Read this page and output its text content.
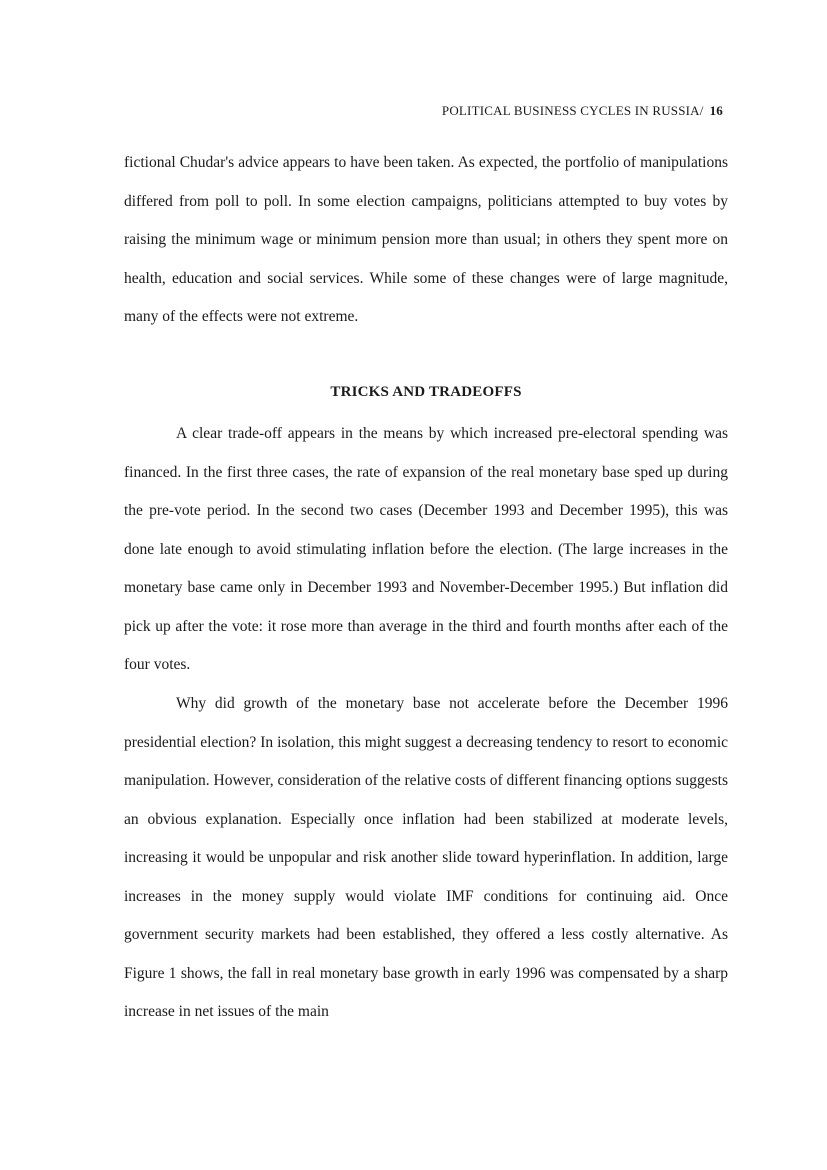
POLITICAL BUSINESS CYCLES IN RUSSIA/ 16

fictional Chudar's advice appears to have been taken. As expected, the portfolio of manipulations differed from poll to poll. In some election campaigns, politicians attempted to buy votes by raising the minimum wage or minimum pension more than usual; in others they spent more on health, education and social services. While some of these changes were of large magnitude, many of the effects were not extreme.

TRICKS AND TRADEOFFS

A clear trade-off appears in the means by which increased pre-electoral spending was financed. In the first three cases, the rate of expansion of the real monetary base sped up during the pre-vote period. In the second two cases (December 1993 and December 1995), this was done late enough to avoid stimulating inflation before the election. (The large increases in the monetary base came only in December 1993 and November-December 1995.) But inflation did pick up after the vote: it rose more than average in the third and fourth months after each of the four votes.

Why did growth of the monetary base not accelerate before the December 1996 presidential election? In isolation, this might suggest a decreasing tendency to resort to economic manipulation. However, consideration of the relative costs of different financing options suggests an obvious explanation. Especially once inflation had been stabilized at moderate levels, increasing it would be unpopular and risk another slide toward hyperinflation. In addition, large increases in the money supply would violate IMF conditions for continuing aid. Once government security markets had been established, they offered a less costly alternative. As Figure 1 shows, the fall in real monetary base growth in early 1996 was compensated by a sharp increase in net issues of the main
